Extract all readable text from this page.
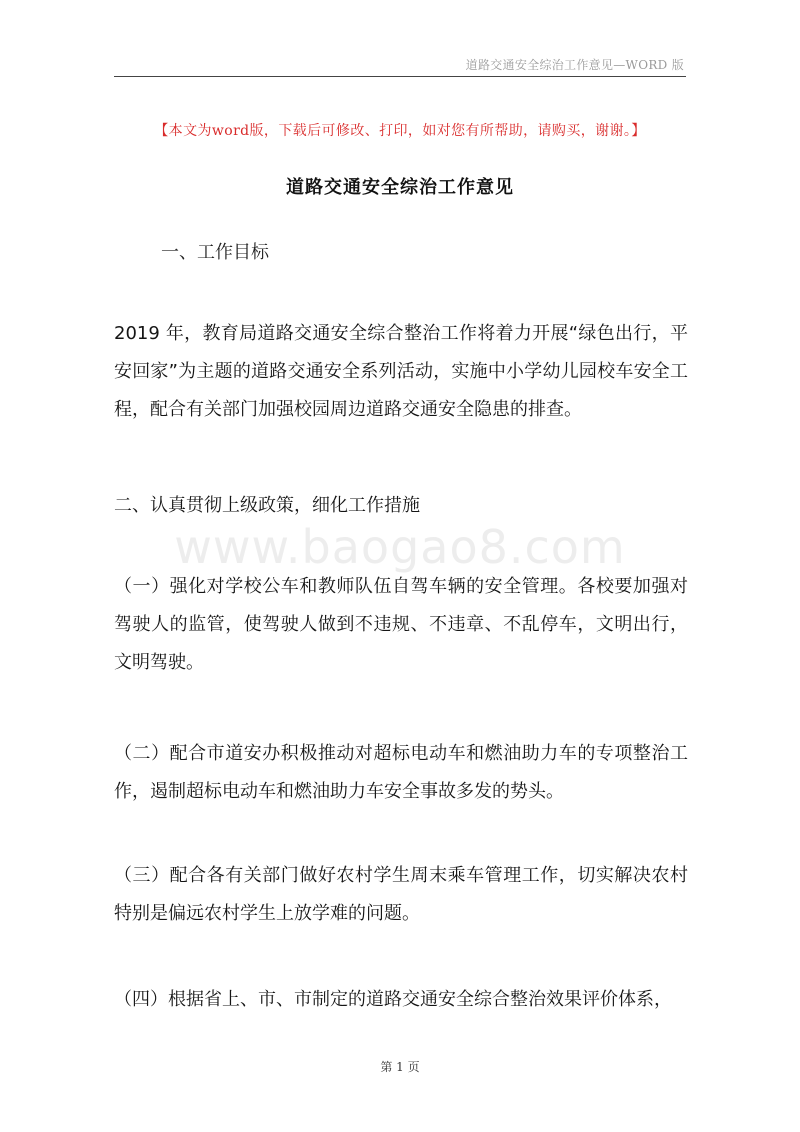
道路交通安全综治工作意见—WORD 版
www.baogao8.com
【本文为word版，下载后可修改、打印，如对您有所帮助，请购买，谢谢。】
道路交通安全综治工作意见
一、工作目标
2019 年，教育局道路交通安全综合整治工作将着力开展“绿色出行，平安回家”为主题的道路交通安全系列活动，实施中小学幼儿园校车安全工程，配合有关部门加强校园周边道路交通安全隐患的排查。
二、认真贯彻上级政策，细化工作措施
（一）强化对学校公车和教师队伍自驾车辆的安全管理。各校要加强对驾驶人的监管，使驾驶人做到不违规、不违章、不乱停车，文明出行，文明驾驶。
（二）配合市道安办积极推动对超标电动车和燃油助力车的专项整治工作，遏制超标电动车和燃油助力车安全事故多发的势头。
（三）配合各有关部门做好农村学生周末乘车管理工作，切实解决农村特别是偏远农村学生上放学难的问题。
（四）根据省上、市、市制定的道路交通安全综合整治效果评价体系，
第 1 页
